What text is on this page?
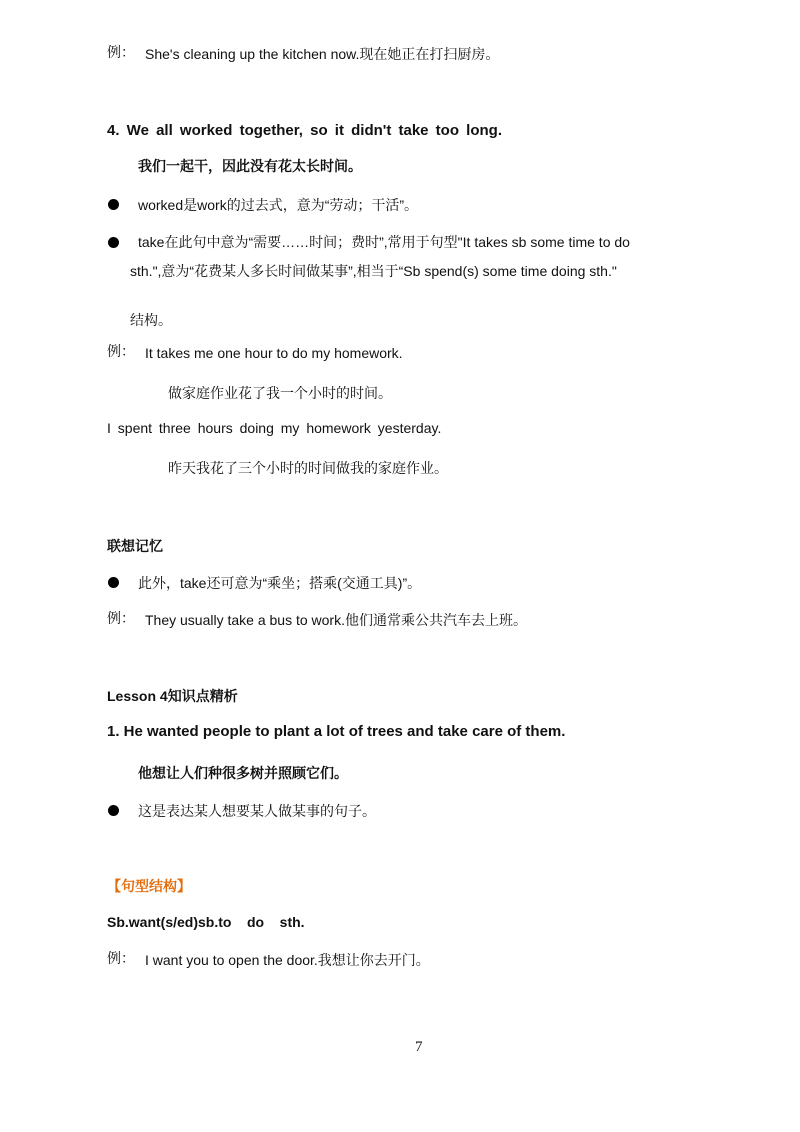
例： She's cleaning up the kitchen now.现在她正在打扫厨房。
4. We all worked together, so it didn't take too long.
我们一起干，因此没有花太长时间。
worked是work的过去式，意为“劳动；干活”。
take在此句中意为“需要……时间；费时”,常用于句型"It takes sb some time to do
sth.",意为“花费某人多长时间做某事”,相当于“Sb spend(s) some time doing sth."
结构。
例： It takes me one hour to do my homework.
做家庭作业花了我一个小时的时间。
I spent three hours doing my homework yesterday.
昨天我花了三个小时的时间做我的家庭作业。
联想记忆
此外，take还可意为“乘坐；搭乘(交通工具)”。
例： They usually take a bus to work.他们通常乘公共汽车去上班。
Lesson 4知识点精析
1. He wanted people to plant a lot of trees and take care of them.
他想让人们种很多树并照顾它们。
这是表达某人想要某人做某事的句子。
【句型结构】
Sb.want(s/ed)sb.to    do    sth.
例： I want you to open the door.我想让你去开门。
7
